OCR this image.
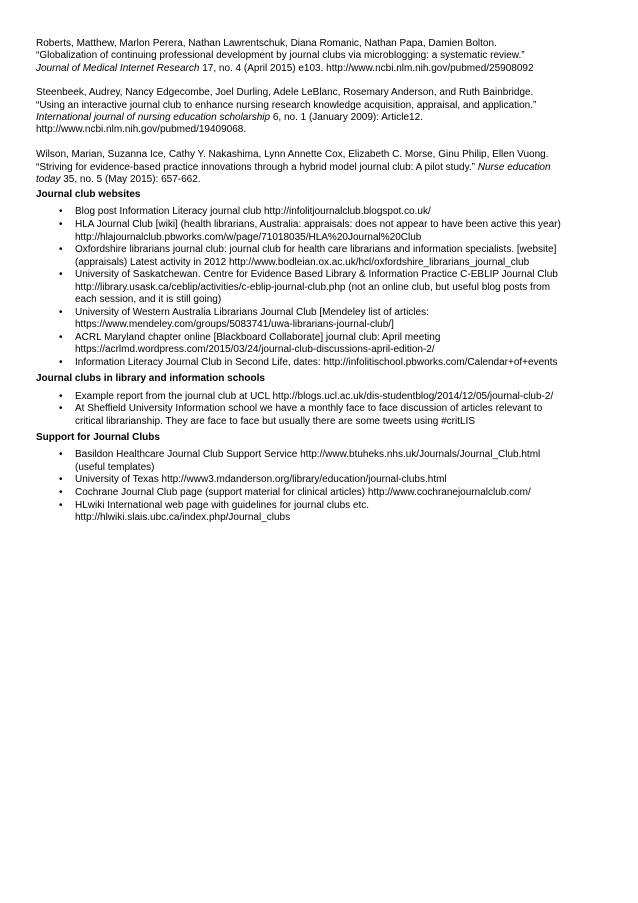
Roberts, Matthew, Marlon Perera, Nathan Lawrentschuk, Diana Romanic, Nathan Papa, Damien Bolton.
“Globalization of continuing professional development by journal clubs via microblogging: a systematic review.”
Journal of Medical Internet Research 17, no. 4 (April 2015) e103. http://www.ncbi.nlm.nih.gov/pubmed/25908092
Steenbeek, Audrey, Nancy Edgecombe, Joel Durling, Adele LeBlanc, Rosemary Anderson, and Ruth Bainbridge.
“Using an interactive journal club to enhance nursing research knowledge acquisition, appraisal, and application.”
International journal of nursing education scholarship 6, no. 1 (January 2009): Article12.
http://www.ncbi.nlm.nih.gov/pubmed/19409068.
Wilson, Marian, Suzanna Ice, Cathy Y. Nakashima, Lynn Annette Cox, Elizabeth C. Morse, Ginu Philip, Ellen Vuong.
“Striving for evidence-based practice innovations through a hybrid model journal club: A pilot study.” Nurse education
today 35, no. 5 (May 2015): 657-662.
Journal club websites
• Blog post Information Literacy journal club http://infolitjournalclub.blogspot.co.uk/
• HLA Journal Club [wiki] (health librarians, Australia: appraisals: does not appear to have been active this year)
http://hlajournalclub.pbworks.com/w/page/71018035/HLA%20Journal%20Club
• Oxfordshire librarians journal club: journal club for health care librarians and information specialists. [website]
(appraisals) Latest activity in 2012 http://www.bodleian.ox.ac.uk/hcl/oxfordshire_librarians_journal_club
• University of Saskatchewan. Centre for Evidence Based Library & Information Practice C-EBLIP Journal Club
http://library.usask.ca/ceblip/activities/c-eblip-journal-club.php (not an online club, but useful blog posts from
each session, and it is still going)
• University of Western Australia Librarians Journal Club [Mendeley list of articles:
https://www.mendeley.com/groups/5083741/uwa-librarians-journal-club/]
• ACRL Maryland chapter online [Blackboard Collaborate] journal club: April meeting
https://acrlmd.wordpress.com/2015/03/24/journal-club-discussions-april-edition-2/
• Information Literacy Journal Club in Second Life, dates: http://infolitischool.pbworks.com/Calendar+of+events
Journal clubs in library and information schools
• Example report from the journal club at UCL http://blogs.ucl.ac.uk/dis-studentblog/2014/12/05/journal-club-2/
• At Sheffield University Information school we have a monthly face to face discussion of articles relevant to
critical librarianship. They are face to face but usually there are some tweets using #critLIS
Support for Journal Clubs
• Basildon Healthcare Journal Club Support Service http://www.btuheks.nhs.uk/Journals/Journal_Club.html
(useful templates)
• University of Texas http://www3.mdanderson.org/library/education/journal-clubs.html
• Cochrane Journal Club page (support material for clinical articles) http://www.cochranejournalclub.com/
• HLwiki International web page with guidelines for journal clubs etc.
http://hlwiki.slais.ubc.ca/index.php/Journal_clubs
